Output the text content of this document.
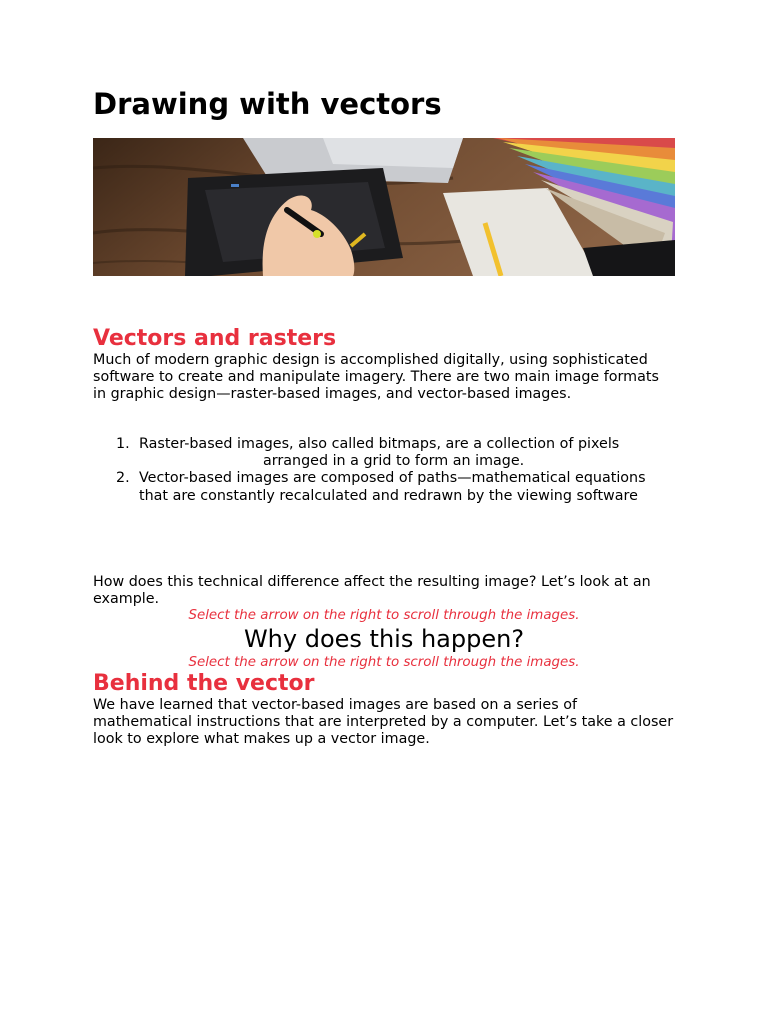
Drawing with vectors
Vectors and rasters

Much of modern graphic design is accomplished digitally, using sophisticated software to create and manipulate imagery. There are two main image formats in graphic design—raster-based images, and vector-based images.

1. Raster-based images, also called bitmaps, are a collection of pixels
arranged in a grid to form an image.
2. Vector-based images are composed of paths—mathematical equations that are constantly recalculated and redrawn by the viewing software

How does this technical difference affect the resulting image? Let’s look at an example.

Select the arrow on the right to scroll through the images.

Why does this happen?

Select the arrow on the right to scroll through the images.

Behind the vector

We have learned that vector-based images are based on a series of mathematical instructions that are interpreted by a computer. Let’s take a closer look to explore what makes up a vector image.
